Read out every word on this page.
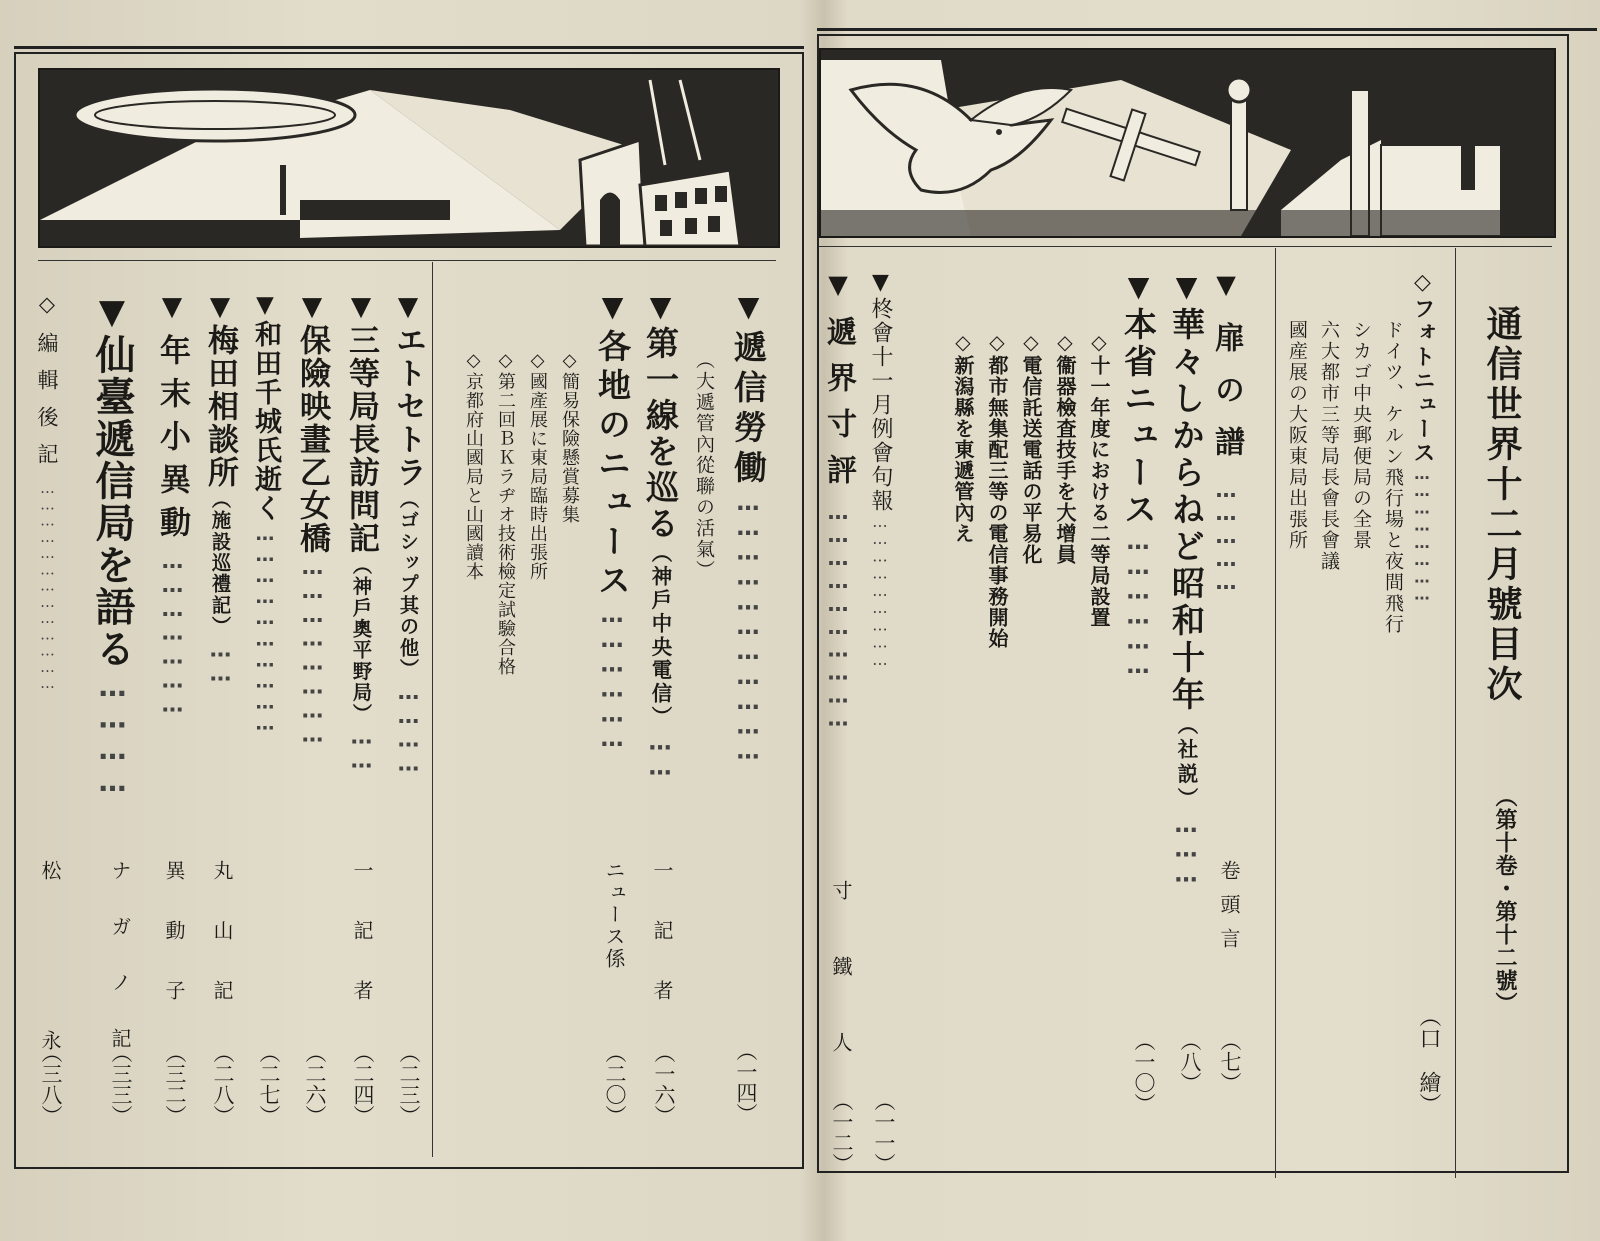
▼遞信勞働……………………………
（大遞管內從聯の活氣）
（一四）
▼第一線を巡る（神戶中央電信）……
一　記　者
（一六）
▼各地のニュース………………
ニュース係
（二〇）
◇簡易保險懸賞募集
◇國產展に東局臨時出張所
◇第二回ＢＫラヂオ技術檢定試驗合格
◇京都府山國局と山國讀本
▼エトセトラ（ゴシップ其の他）…………
（二三）
▼三等局長訪問記（神戶奧平野局）……
一　記　者
（二四）
▼保險映畫乙女橋……………………
（二六）
▼和田千城氏逝く…………………………
（二七）
▼梅田相談所（施設巡禮記）……
丸　山　記
（二八）
▼年末小異動…………………
異　動　子
（三二）
▼仙臺遞信局を語る…………
ナ　ガ　ノ　記
（三三）
◇編輯後記…………………………………
松　　　　永
（三八）
通信世界十二月號目次
（第十卷・第十二號）
◇フォトニュース……………………
（口　繪）
ドイツ、ケルン飛行場と夜間飛行
シカゴ中央郵便局の全景
六大都市三等局長會長會議
國産展の大阪東局出張所
▼扉の譜……………
卷頭言
（七）
▼華々しからねど昭和十年（社説）………
（八）
▼本省ニュース………………
（一〇）
◇十一年度における二等局設置
◇衞器檢査技手を大增員
◇電信託送電話の平易化
◇都市無集配三等の電信事務開始
◇新潟縣を東遞管內え
▼柊會十一月例會句報………………………
（一一）
▼遞界寸評…………………………
寸　鐵　人
（一二）
